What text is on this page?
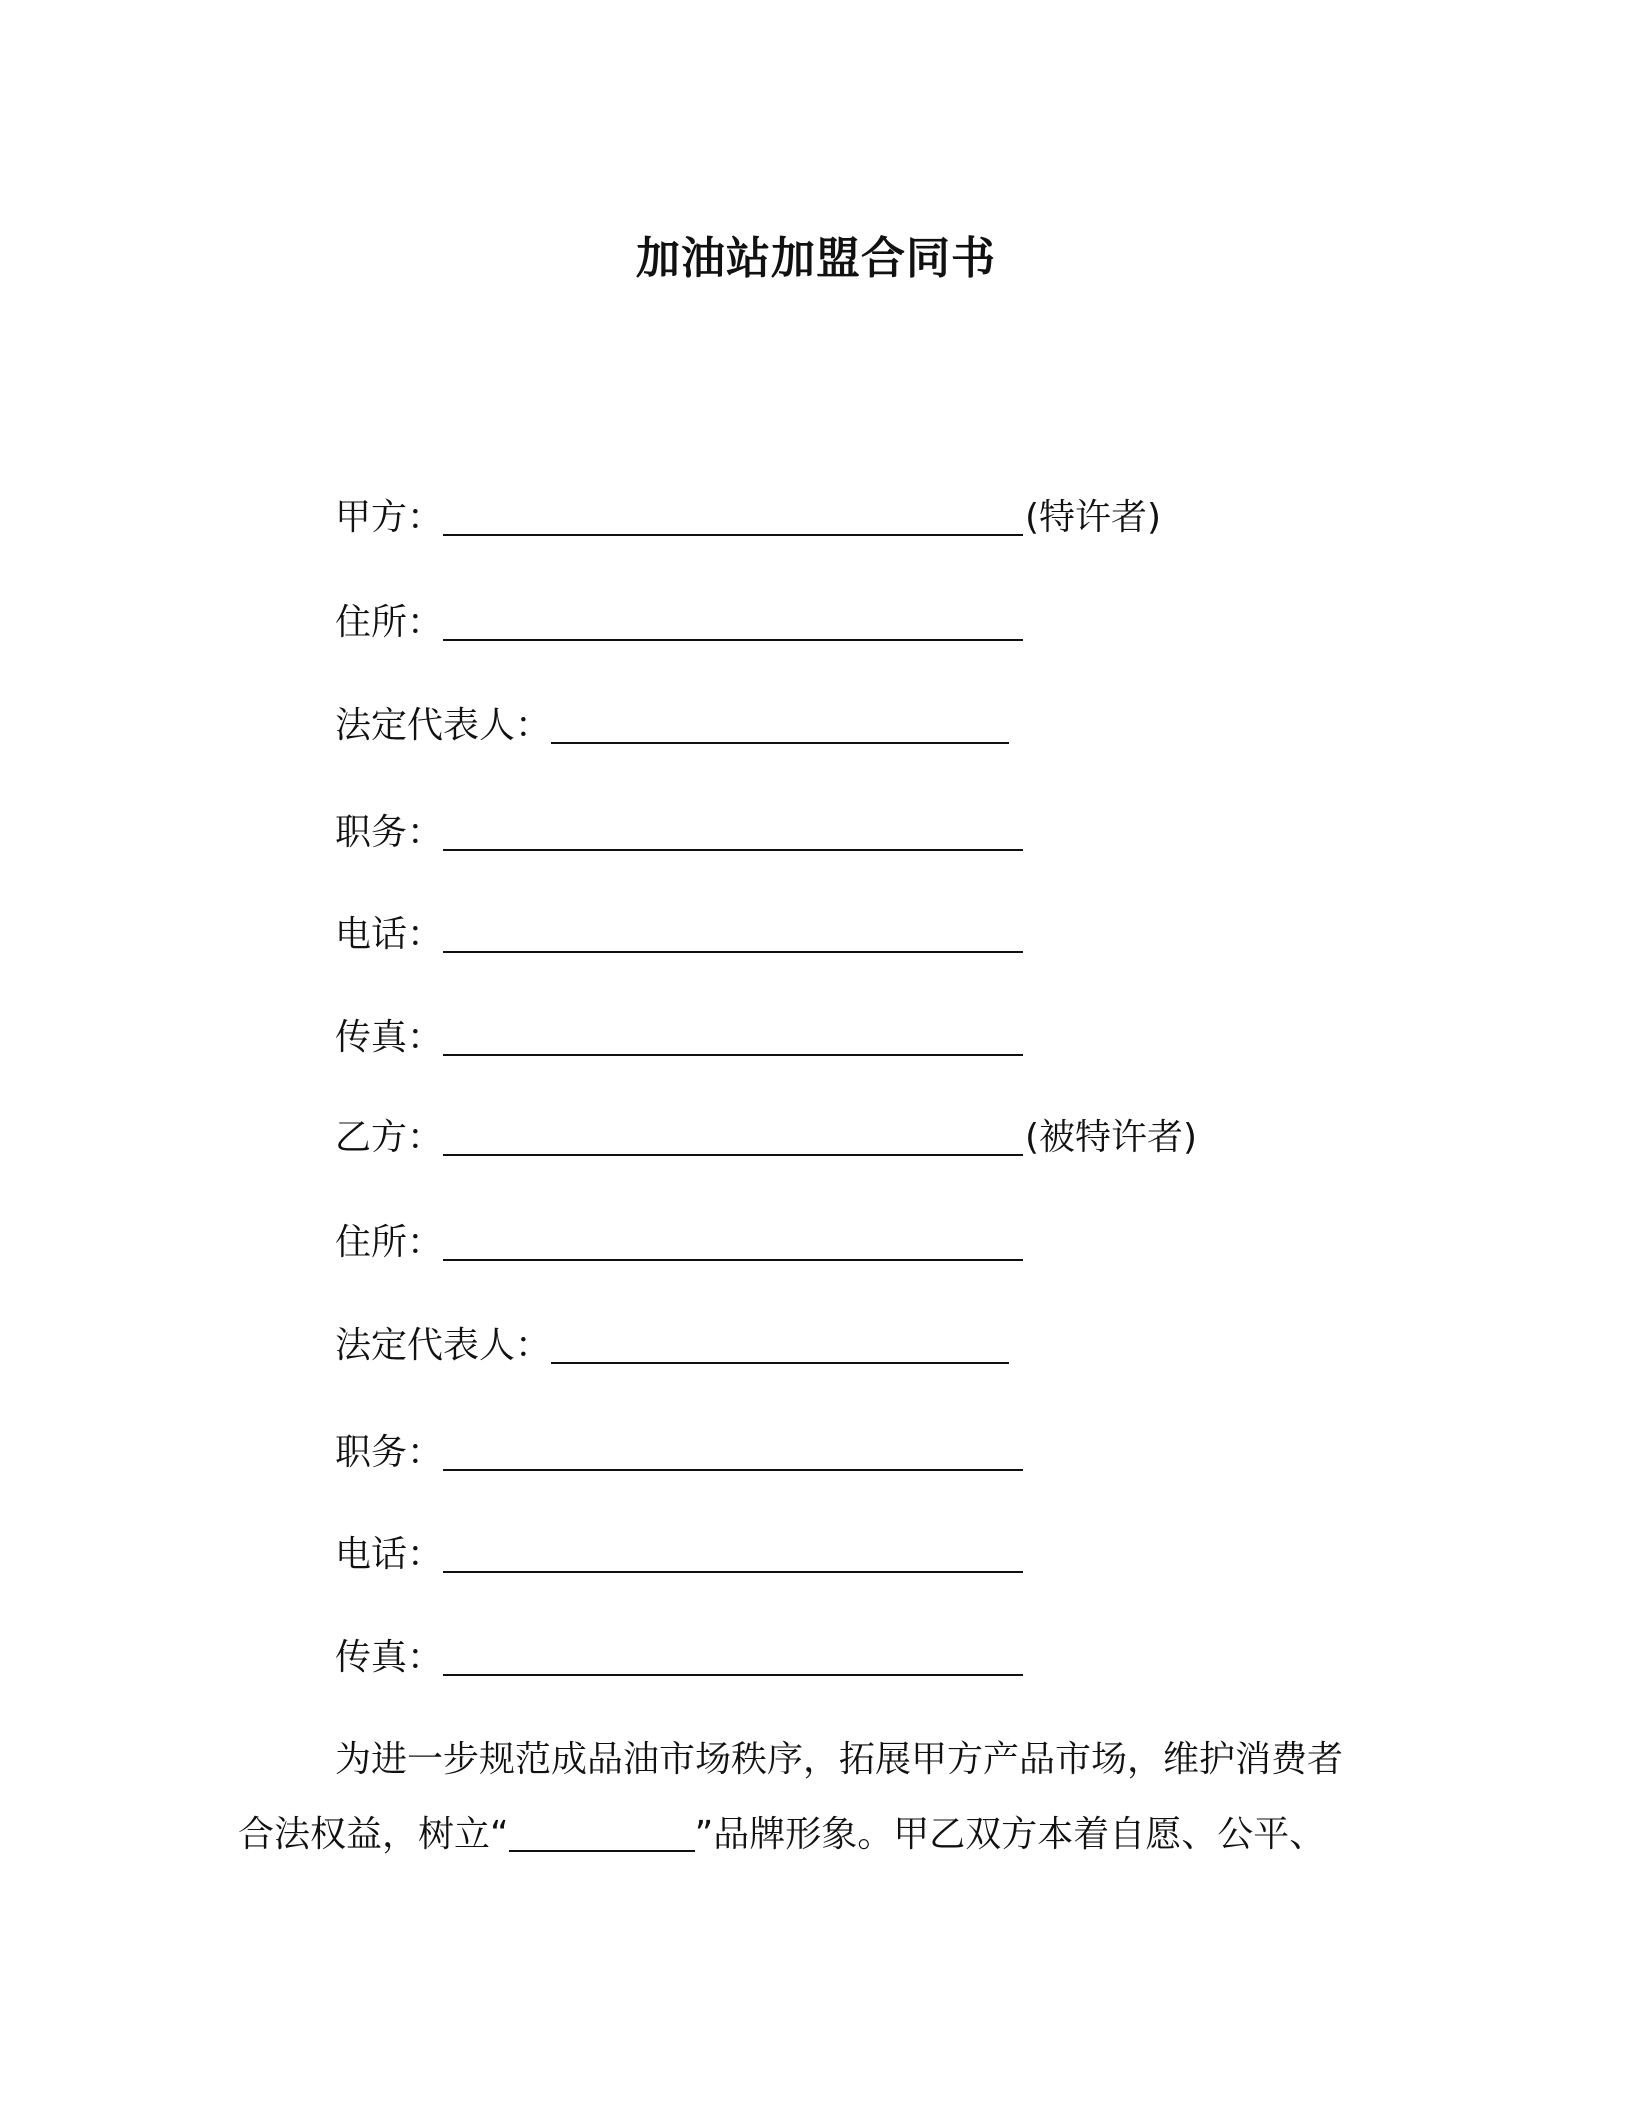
加油站加盟合同书
甲方：	(特许者)
住所：
法定代表人：
职务：
电话：
传真：
乙方：	(被特许者)
住所：
法定代表人：
职务：
电话：
传真：
为进一步规范成品油市场秩序，拓展甲方产品市场，维护消费者
合法权益，树立“	”品牌形象。甲乙双方本着自愿、公平、
